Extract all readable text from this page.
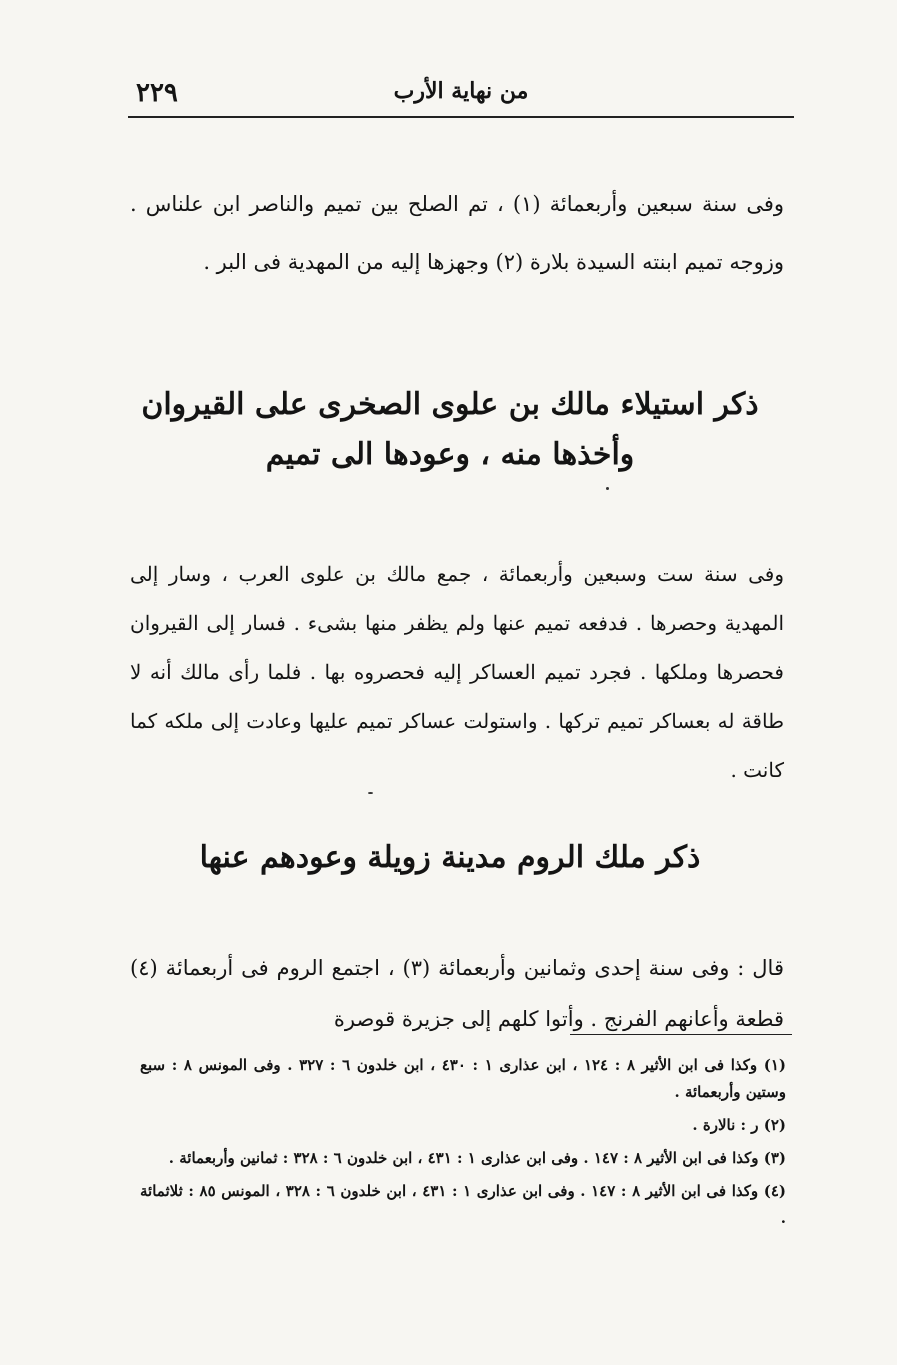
٢٢٩	من نهاية الأرب

وفى سنة سبعين وأربعمائة (١) ، تم الصلح بين تميم والناصر ابن علناس . وزوجه تميم ابنته السيدة بلارة (٢) وجهزها إليه من المهدية فى البر .

ذكر استيلاء مالك بن علوى الصخرى على القيروان
وأخذها منه ، وعودها الى تميم

وفى سنة ست وسبعين وأربعمائة ، جمع مالك بن علوى العرب ، وسار إلى المهدية وحصرها . فدفعه تميم عنها ولم يظفر منها بشىء . فسار إلى القيروان فحصرها وملكها . فجرد تميم العساكر إليه فحصروه بها . فلما رأى مالك أنه لا طاقة له بعساكر تميم تركها . واستولت عساكر تميم عليها وعادت إلى ملكه كما كانت .

ذكر ملك الروم مدينة زويلة وعودهم عنها

قال : وفى سنة إحدى وثمانين وأربعمائة (٣) ، اجتمع الروم فى أربعمائة (٤) قطعة وأعانهم الفرنج . وأتوا كلهم إلى جزيرة قوصرة

(١) وكذا فى ابن الأثير ٨ : ١٢٤ ، ابن عذارى ١ : ٤٣٠ ، ابن خلدون ٦ : ٣٢٧ . وفى المونس ٨ : سبع وستين وأربعمائة .

(٢) ر : نالارة .

(٣) وكذا فى ابن الأثير ٨ : ١٤٧ . وفى ابن عذارى ١ : ٤٣١ ، ابن خلدون ٦ : ٣٢٨ : ثمانين وأربعمائة .

(٤) وكذا فى ابن الأثير ٨ : ١٤٧ . وفى ابن عذارى ١ : ٤٣١ ، ابن خلدون ٦ : ٣٢٨ ، المونس ٨٥ : ثلاثمائة .
